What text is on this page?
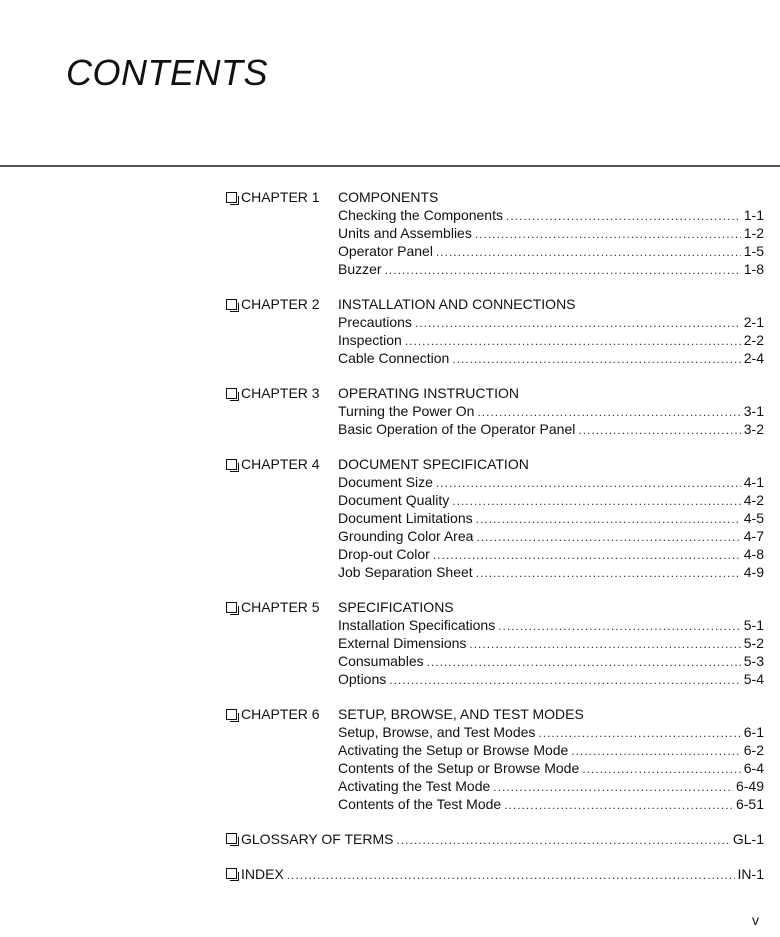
CONTENTS
CHAPTER 1	COMPONENTS
Checking the Components .....	1-1
Units and Assemblies .....	1-2
Operator Panel .....	1-5
Buzzer .....	1-8
CHAPTER 2	INSTALLATION AND CONNECTIONS
Precautions .....	2-1
Inspection .....	2-2
Cable Connection .....	2-4
CHAPTER 3	OPERATING INSTRUCTION
Turning the Power On .....	3-1
Basic Operation of the Operator Panel .....	3-2
CHAPTER 4	DOCUMENT SPECIFICATION
Document Size .....	4-1
Document Quality .....	4-2
Document Limitations .....	4-5
Grounding Color Area .....	4-7
Drop-out Color .....	4-8
Job Separation Sheet .....	4-9
CHAPTER 5	SPECIFICATIONS
Installation Specifications .....	5-1
External Dimensions .....	5-2
Consumables .....	5-3
Options .....	5-4
CHAPTER 6	SETUP, BROWSE, AND TEST MODES
Setup, Browse, and Test Modes .....	6-1
Activating the Setup or Browse Mode .....	6-2
Contents of the Setup or Browse Mode .....	6-4
Activating the Test Mode .....	6-49
Contents of the Test Mode .....	6-51
GLOSSARY OF TERMS .....	GL-1
INDEX .....	IN-1
v
